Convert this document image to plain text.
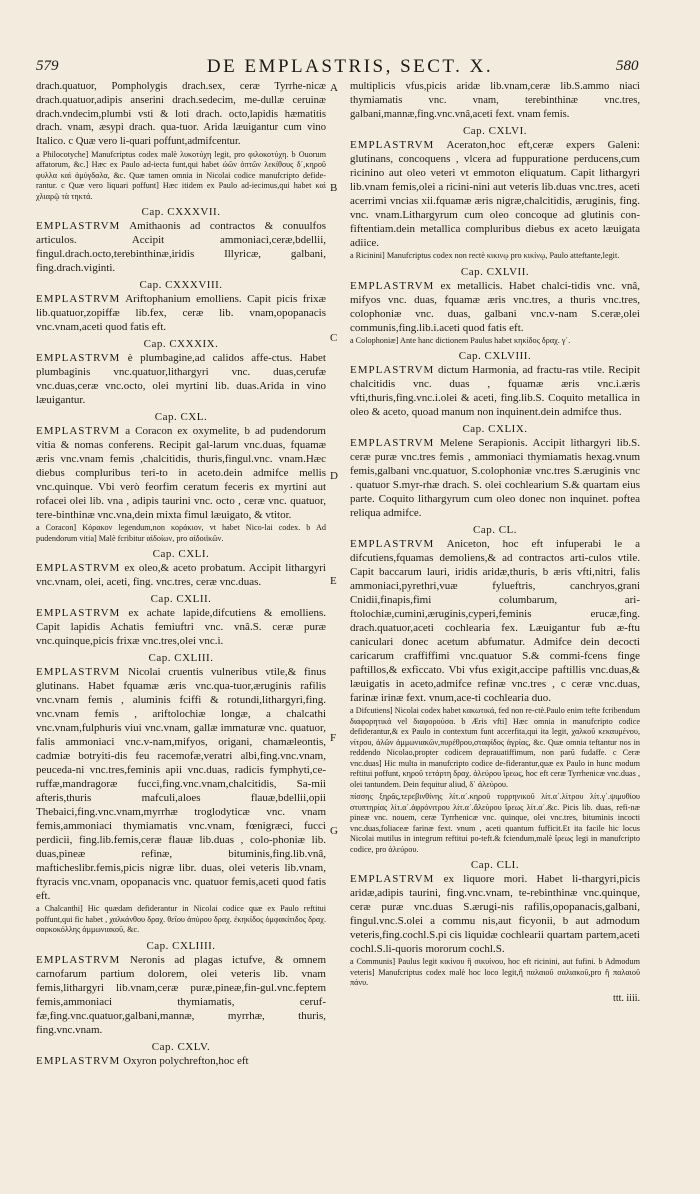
579	DE EMPLASTRIS, SECT. X.	580

drach.quatuor, Pompholygis drach.sex, ceræ Tyrrhe-nicæ drach.quatuor,adipis anserini drach.sedecim, me-dullæ ceruinæ drach.vndecim,plumbi vsti & loti drach. octo,lapidis hæmatitis drach. vnam, æsypi drach. qua-tuor. Arida læuigantur cum vino Italico. c Quæ vero li-quari poffunt,admifcentur.

a Philocotyche] Manufcriptus codex malè λυκοτύχη legit, pro φιλοκοτύχη. b Ouorum affatorum, &c.] Hæc ex Paulo ad-iecta funt,qui habet ὠῶν ὀπτῶν λεκίθους δ΄,κηροῦ φυλλα καὶ ἀμύγδαλα, &c. Quæ tamen omnia in Nicolai codice manufcripto defide-rantur. c Quæ vero liquari poffunt] Hæc itidem ex Paulo ad-iecimus,qui habet καὶ χλιαρῷ τὰ τηκτά.

Cap. CXXXVII.

EMPLASTRVM Amithaonis ad contractos & conuulfos articulos. Accipit ammoniaci,ceræ,bdellii, fingul.drach.octo,terebinthinæ,iridis Illyricæ, galbani, fing.drach.viginti.

Cap. CXXXVIII.

EMPLASTRVM Ariftophanium emolliens. Capit picis frixæ lib.quatuor,zopiffæ lib.fex, ceræ lib. vnam,opopanacis vnc.vnam,aceti quod fatis eft.

Cap. CXXXIX.

EMPLASTRVM è plumbagine,ad calidos affe-ctus. Habet plumbaginis vnc.quatuor,lithargyri vnc. duas,cerufæ vnc.duas,ceræ vnc.octo, olei myrtini lib. duas.Arida in vino læuigantur.

Cap. CXL.

EMPLASTRVM a Coracon ex oxymelite, b ad pudendorum vitia & nomas conferens. Recipit gal-larum vnc.duas, fquamæ æris vnc.vnam femis ,chalcitidis, thuris,fingul.vnc. vnam.Hæc diebus compluribus teri-to in aceto.dein admifce mellis vnc.quinque. Vbi verò feorfim ceratum feceris ex myrtini aut rofacei olei lib. vna , adipis taurini vnc. octo , ceræ vnc. quatuor, tere-binthinæ vnc.vna,dein mixta fimul læuigato, & vtitor.

a Coracon] Κόρακον legendum,non κοράκιον, vt habet Nico-lai codex. b Ad pudendorum vitia] Malè fcribitur αἰδοίων, pro αἰδοιϊκῶν.

Cap. CXLI.

EMPLASTRVM ex oleo,& aceto probatum. Accipit lithargyri vnc.vnam, olei, aceti, fing. vnc.tres, ceræ vnc.duas.

Cap. CXLII.

EMPLASTRVM ex achate lapide,difcutiens & emolliens. Capit lapidis Achatis femiuftri vnc. vnâ.S. ceræ puræ vnc.quinque,picis frixæ vnc.tres,olei vnc.i.

Cap. CXLIII.

EMPLASTRVM Nicolai cruentis vulneribus vtile,& finus glutinans. Habet fquamæ æris vnc.qua-tuor,æruginis rafilis vnc.vnam femis , aluminis fciffi & rotundi,lithargyri,fing. vnc.vnam femis , ariftolochiæ longæ, a chalcathi vnc.vnam,fulphuris viui vnc.vnam, gallæ immaturæ vnc. quatuor, falis ammoniaci vnc.v-nam,mifyos, origani, chamæleontis, cadmiæ botryiti-dis feu racemofæ,veratri albi,fing.vnc.vnam, peuceda-ni vnc.tres,feminis apii vnc.duas, radicis fymphyti,ce-ruffæ,mandragoræ fucci,fing.vnc.vnam,chalcitidis, Sa-mii afteris,thuris mafculi,aloes flauæ,bdellii,opii Thebaici,fing.vnc.vnam,myrrhæ troglodyticæ vnc. vnam femis,ammoniaci thymiamatis vnc.vnam, fœnigræci, fucci perdicii, fing.lib.femis,ceræ flauæ lib.duas , colo-phoniæ lib. duas,pineæ refinæ, bituminis,fing.lib.vnâ, mafticheslibr.femis,picis nigræ libr. duas, olei veteris lib.vnam, ftyracis vnc.vnam, opopanacis vnc. quatuor femis,aceti quod fatis eft.

a Chalcanthi] Hic quædam defiderantur in Nicolai codice quæ ex Paulo reftitui poffunt,qui fic habet , χαλκάνθου δραχ. θεῖου ἀπύρου δραχ. ἐκηκίδος ὀμφακίτιδος δραχ. σαρκοκόλλης ἀμμωνιακοῦ, &c.

Cap. CXLIIII.

EMPLASTRVM Neronis ad plagas ictufve, & omnem carnofarum partium dolorem, olei veteris lib. vnam femis,lithargyri lib.vnam,ceræ puræ,pineæ,fin-gul.vnc.feptem femis,ammoniaci thymiamatis, ceruf-fæ,fing.vnc.quatuor,galbani,mannæ, myrrhæ, thuris, fing.vnc.vnam.

Cap. CXLV.

EMPLASTRVM Oxyron polychrefton,hoc eft

A
B
C
D
E
F
G

multiplicis vfus,picis aridæ lib.vnam,ceræ lib.S.ammo niaci thymiamatis vnc. vnam, terebinthinæ vnc.tres, galbani,mannæ,fing.vnc.vnâ,aceti fext. vnam femis.

Cap. CXLVI.

EMPLASTRVM Aceraton,hoc eft,ceræ expers Galeni: glutinans, concoquens , vlcera ad fuppuratione perducens,cum ricinino aut oleo veteri vt emmoton eliquatum. Capit lithargyri lib.vnam femis,olei a ricini-nini aut veteris lib.duas vnc.tres, aceti acerrimi vncias xii.fquamæ æris nigræ,chalcitidis, æruginis, fing. vnc. vnam.Lithargyrum cum oleo concoque ad glutinis con-fiftentiam.dein metallica compluribus diebus ex aceto læuigata adiice.

a Ricinini] Manufcriptus codex non rectè κικινῳ pro κικίνῳ, Paulo atteftante,legit.

Cap. CXLVII.

EMPLASTRVM ex metallicis. Habet chalci-tidis vnc. vnâ, mifyos vnc. duas, fquamæ æris vnc.tres, a thuris vnc.tres, colophoniæ vnc. duas, galbani vnc.v-nam S.ceræ,olei communis,fing.lib.i.aceti quod fatis eft.

a Colophoniæ] Ante hanc dictionem Paulus habet κηκίδος δραχ. γ΄.

Cap. CXLVIII.

EMPLASTRVM dictum Harmonia, ad fractu-ras vtile. Recipit chalcitidis vnc. duas , fquamæ æris vnc.i.æris vfti,thuris,fing.vnc.i.olei & aceti, fing.lib.S. Coquito metallica in oleo & aceto, quoad manum non inquinent.dein admifce thus.

Cap. CXLIX.

EMPLASTRVM Melene Serapionis. Accipit lithargyri lib.S. ceræ puræ vnc.tres femis , ammoniaci thymiamatis hexag.vnum femis,galbani vnc.quatuor, S.colophoniæ vnc.tres S.æruginis vnc . quatuor S.myr-rhæ drach. S. olei cochlearium S.& quartam eius parte. Coquito lithargyrum cum oleo donec non inquinet. poftea reliqua admifce.

Cap. CL.

EMPLASTRVM Aniceton, hoc eft infuperabi le a difcutiens,fquamas demoliens,& ad contractos arti-culos vtile. Capit baccarum lauri, iridis aridæ,thuris, b æris vfti,nitri, falis ammoniaci,pyrethri,vuæ fylueftris, canchryos,grani Cnidii,finapis,fimi columbarum, ari-ftolochiæ,cumini,æruginis,cyperi,feminis erucæ,fing. drach.quatuor,aceti cochlearia fex. Læuigantur fub æ-ftu caniculari donec acetum abfumatur. Admifce dein decocti caricarum craffiffimi vnc.quatuor S.& commi-fcens finge paftillos,& exficcato. Vbi vfus exigit,accipe paftillis vnc.duas,& læuigatis in aceto,admifce refinæ vnc.tres , c ceræ vnc.duas, farinæ irinæ fext. vnum,ace-ti cochlearia duo.

a Difcutiens] Nicolai codex habet κακωτικά, fed non re-ctè.Paulo enim tefte fcribendum διαφορητικά vel διαφορούσα. b Æris vfti] Hæc omnia in manufcripto codice defiderantur,& ex Paulo in contextum funt accerfita,qui ita legit, χαλκοῦ κεκαυμένου, νίτρου, ἁλῶν ἀμμωνιακῶν,πυρέθρου,σταφίδος ἀγρίας, &c. Quæ omnia teftantur nos in reddendo Nicolao,propter codicem deprauatiffimum, non parū fudaffe. c Ceræ vnc.duas] Hic multa in manufcripto codice de-fiderantur,quæ ex Paulo in hunc modum reftitui poffunt, κηροῦ τετάρτη δραχ. ἀλεύρου ἴρεως, hoc eft ceræ Tyrrhenicæ vnc.duas , olei tantundem. Dein fequitur aliud, δ΄ ἀλεύρου.

πίσσης ξηρᾶς,τερεβινθίνης λίτ.α΄.κηροῦ τυρρηνικοῦ λίτ.α΄.λίτρου λίτ.γ΄.ψιμυθίου στυπτηρίας λίτ.α΄.ἀφρόνιτρου λίτ.α΄.ἄλεύρου ἴρεως λίτ.α΄.&c. Picis lib. duas, refi-næ pineæ vnc. nouem, ceræ Tyrrhenicæ vnc. quinque, olei vnc.tres, bituminis incocti vnc.duas,foliaceæ farinæ fext. vnum , aceti quantum fufficit.Et ita facile hic locus Nicolai mutilus in integrum reftitui po-teft.& fciendum,malè ἴρεως legi in manufcripto codice, pro ἀλεύρου.

Cap. CLI.

EMPLASTRVM ex liquore mori. Habet li-thargyri,picis aridæ,adipis taurini, fing.vnc.vnam, te-rebinthinæ vnc.quinque, ceræ puræ vnc.duas S.ærugi-nis rafilis,opopanacis,galbani, fingul.vnc.S.olei a commu nis,aut ficyonii, b aut admodum veteris,fing.cochl.S.pi cis liquidæ cochlearii quartam partem,aceti cochl.S.li-quoris mororum cochl.S.

a Communis] Paulus legit κικίνου ἢ σικυίνου, hoc eft ricinini, aut fufini. b Admodum veteris] Manufcriptus codex malè hoc loco legit,ἢ παλαιοῦ σαλιακοῦ,pro ἢ παλαιοῦ πάνυ.

ttt. iiii.
